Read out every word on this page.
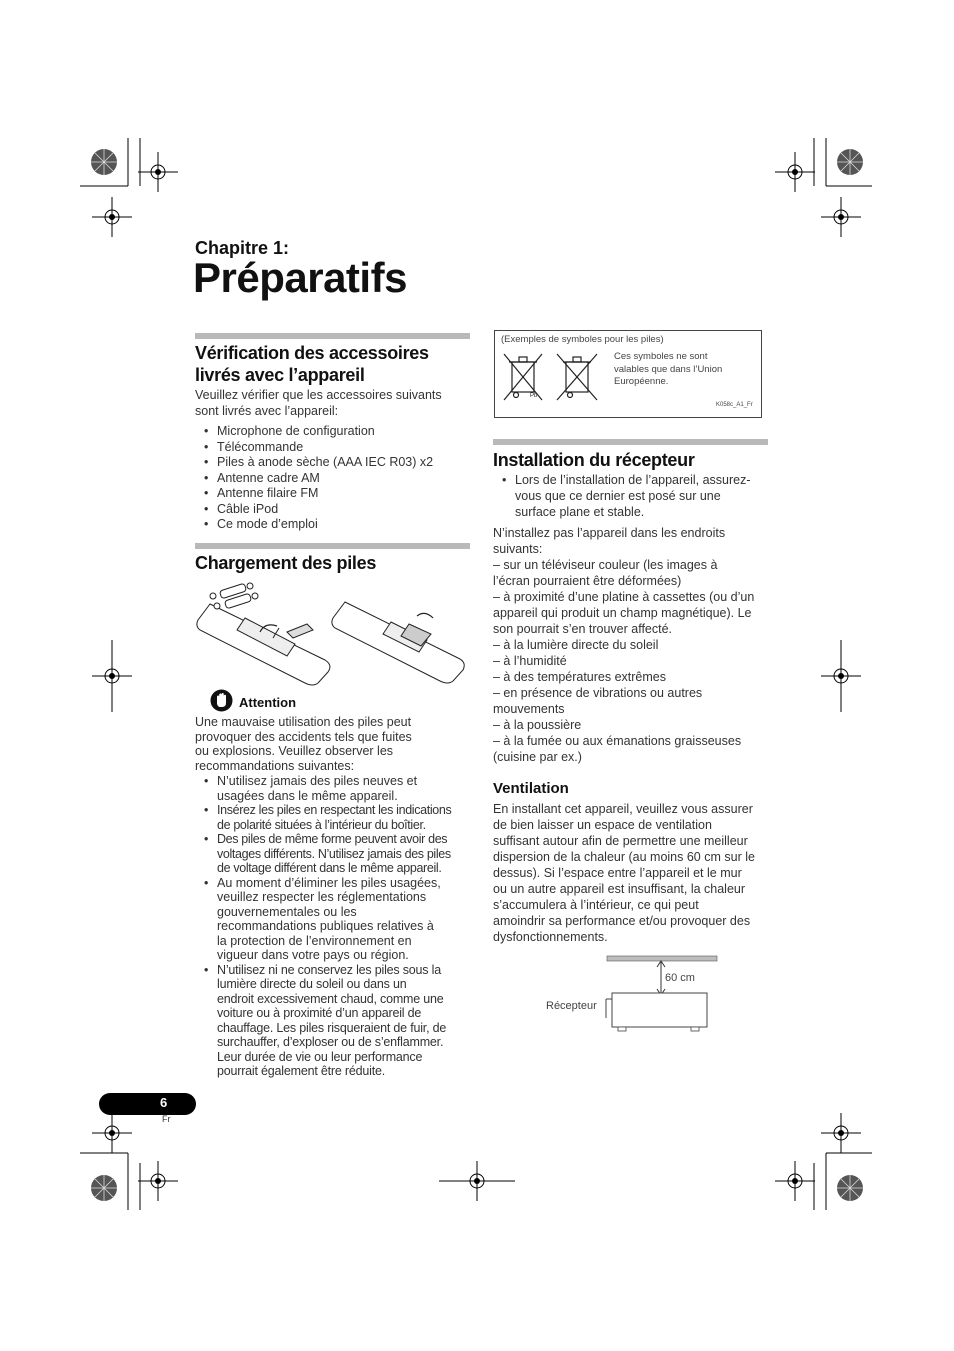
Chapitre 1:
Préparatifs
Vérification des accessoires
livrés avec l’appareil
Veuillez vérifier que les accessoires suivants
sont livrés avec l’appareil:
• Microphone de configuration
• Télécommande
• Piles à anode sèche (AAA IEC R03) x2
• Antenne cadre AM
• Antenne filaire FM
• Câble iPod
• Ce mode d’emploi
Chargement des piles
Attention
Une mauvaise utilisation des piles peut
provoquer des accidents tels que fuites
ou explosions. Veuillez observer les
recommandations suivantes:
• N’utilisez jamais des piles neuves et
usagées dans le même appareil.
• Insérez les piles en respectant les indications
de polarité situées à l’intérieur du boîtier.
• Des piles de même forme peuvent avoir des
voltages différents. N’utilisez jamais des piles
de voltage différent dans le même appareil.
• Au moment d’éliminer les piles usagées,
veuillez respecter les réglementations
gouvernementales ou les
recommandations publiques relatives à
la protection de l’environnement en
vigueur dans votre pays ou région.
• N’utilisez ni ne conservez les piles sous la
lumière directe du soleil ou dans un
endroit excessivement chaud, comme une
voiture ou à proximité d’un appareil de
chauffage. Les piles risqueraient de fuir, de
surchauffer, d’exploser ou de s’enflammer.
Leur durée de vie ou leur performance
pourrait également être réduite.
(Exemples de symboles pour les piles)
Pb
Ces symboles ne sont
valables que dans l’Union
Européenne.
K058c_A1_Fr
Installation du récepteur
• Lors de l’installation de l’appareil, assurez-
vous que ce dernier est posé sur une
surface plane et stable.
N’installez pas l’appareil dans les endroits
suivants:
– sur un téléviseur couleur (les images à
l’écran pourraient être déformées)
– à proximité d’une platine à cassettes (ou d’un
appareil qui produit un champ magnétique). Le
son pourrait s’en trouver affecté.
– à la lumière directe du soleil
– à l’humidité
– à des températures extrêmes
– en présence de vibrations ou autres
mouvements
– à la poussière
– à la fumée ou aux émanations graisseuses
(cuisine par ex.)
Ventilation
En installant cet appareil, veuillez vous assurer
de bien laisser un espace de ventilation
suffisant autour afin de permettre une meilleur
dispersion de la chaleur (au moins 60 cm sur le
dessus). Si l’espace entre l’appareil et le mur
ou un autre appareil est insuffisant, la chaleur
s’accumulera à l’intérieur, ce qui peut
amoindrir sa performance et/ou provoquer des
dysfonctionnements.
60 cm
Récepteur
6
Fr
